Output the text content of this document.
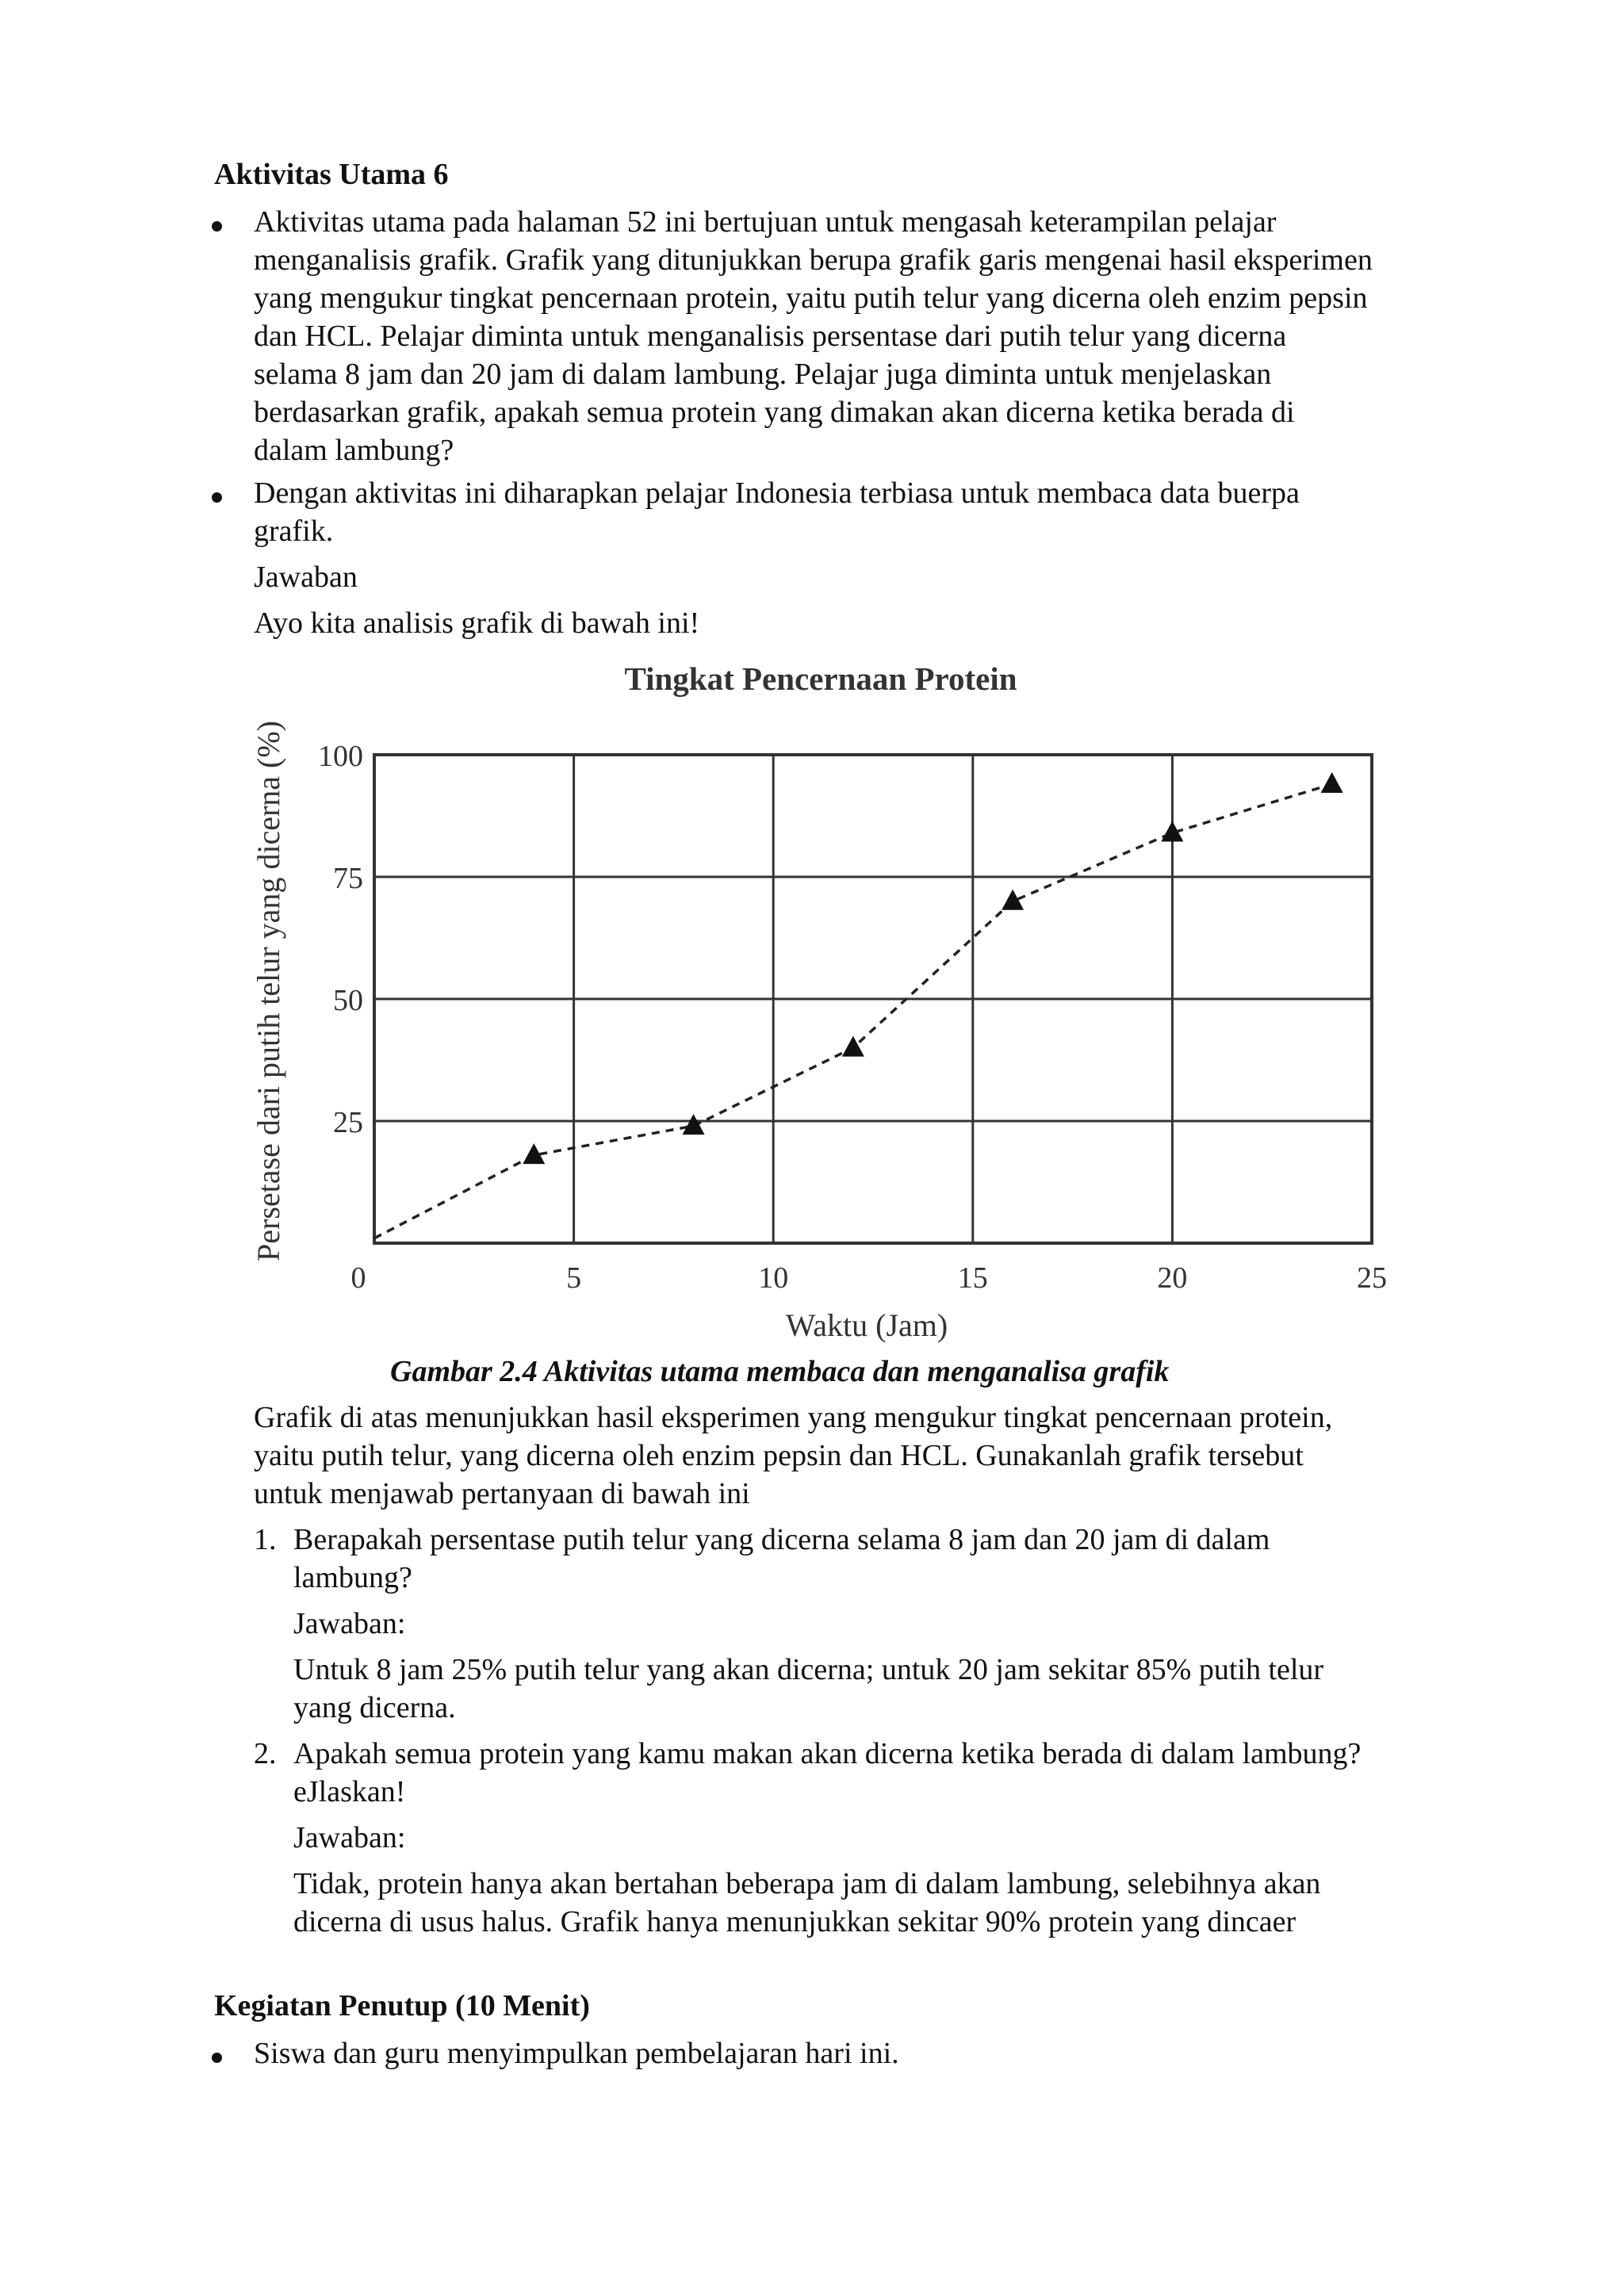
Aktivitas Utama 6
Aktivitas utama pada halaman 52 ini bertujuan untuk mengasah keterampilan pelajar
menganalisis grafik. Grafik yang ditunjukkan berupa grafik garis mengenai hasil eksperimen
yang mengukur tingkat pencernaan protein, yaitu putih telur yang dicerna oleh enzim pepsin
dan HCL. Pelajar diminta untuk menganalisis persentase dari putih telur yang dicerna
selama 8 jam dan 20 jam di dalam lambung. Pelajar juga diminta untuk menjelaskan
berdasarkan grafik, apakah semua protein yang dimakan akan dicerna ketika berada di
dalam lambung?
Dengan aktivitas ini diharapkan pelajar Indonesia terbiasa untuk membaca data buerpa
grafik.
Jawaban
Ayo kita analisis grafik di bawah ini!
Tingkat Pencernaan Protein
25
50
75
100
0	5	10	15	20	25
Waktu (Jam)
Persetase dari putih telur yang dicerna (%)
Gambar 2.4 Aktivitas utama membaca dan menganalisa grafik
Grafik di atas menunjukkan hasil eksperimen yang mengukur tingkat pencernaan protein,
yaitu putih telur, yang dicerna oleh enzim pepsin dan HCL. Gunakanlah grafik tersebut
untuk menjawab pertanyaan di bawah ini
1. Berapakah persentase putih telur yang dicerna selama 8 jam dan 20 jam di dalam
lambung?
Jawaban:
Untuk 8 jam 25% putih telur yang akan dicerna; untuk 20 jam sekitar 85% putih telur
yang dicerna.
2. Apakah semua protein yang kamu makan akan dicerna ketika berada di dalam lambung?
eJlaskan!
Jawaban:
Tidak, protein hanya akan bertahan beberapa jam di dalam lambung, selebihnya akan
dicerna di usus halus. Grafik hanya menunjukkan sekitar 90% protein yang dincaer
Kegiatan Penutup (10 Menit)
Siswa dan guru menyimpulkan pembelajaran hari ini.
